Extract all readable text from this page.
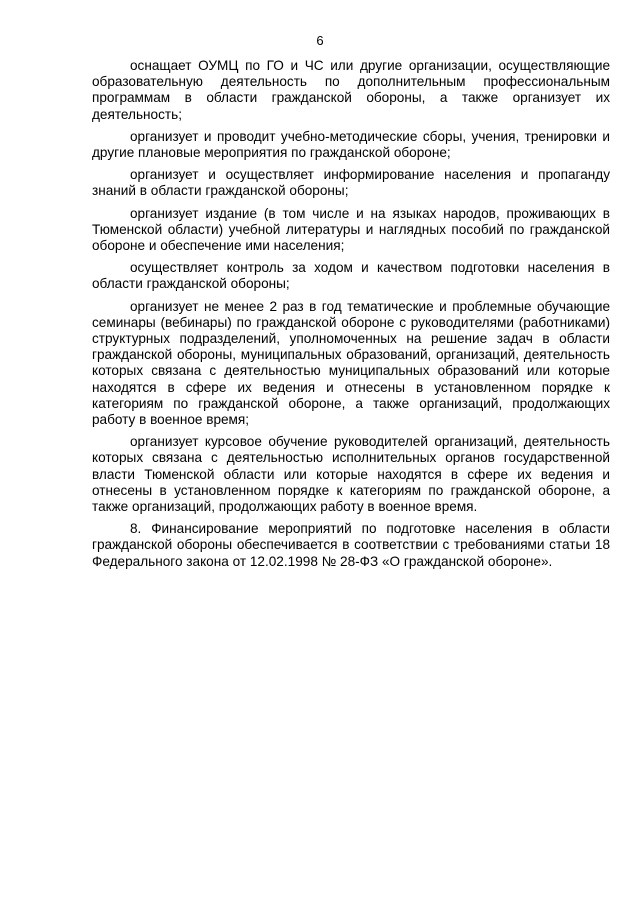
6

оснащает ОУМЦ по ГО и ЧС или другие организации, осуществляющие образовательную деятельность по дополнительным профессиональным программам в области гражданской обороны, а также организует их деятельность;

организует и проводит учебно-методические сборы, учения, тренировки и другие плановые мероприятия по гражданской обороне;

организует и осуществляет информирование населения и пропаганду знаний в области гражданской обороны;

организует издание (в том числе и на языках народов, проживающих в Тюменской области) учебной литературы и наглядных пособий по гражданской обороне и обеспечение ими населения;

осуществляет контроль за ходом и качеством подготовки населения в области гражданской обороны;

организует не менее 2 раз в год тематические и проблемные обучающие семинары (вебинары) по гражданской обороне с руководителями (работниками) структурных подразделений, уполномоченных на решение задач в области гражданской обороны, муниципальных образований, организаций, деятельность которых связана с деятельностью муниципальных образований или которые находятся в сфере их ведения и отнесены в установленном порядке к категориям по гражданской обороне, а также организаций, продолжающих работу в военное время;

организует курсовое обучение руководителей организаций, деятельность которых связана с деятельностью исполнительных органов государственной власти Тюменской области или которые находятся в сфере их ведения и отнесены в установленном порядке к категориям по гражданской обороне, а также организаций, продолжающих работу в военное время.

8. Финансирование мероприятий по подготовке населения в области гражданской обороны обеспечивается в соответствии с требованиями статьи 18 Федерального закона от 12.02.1998 № 28-ФЗ «О гражданской обороне».
